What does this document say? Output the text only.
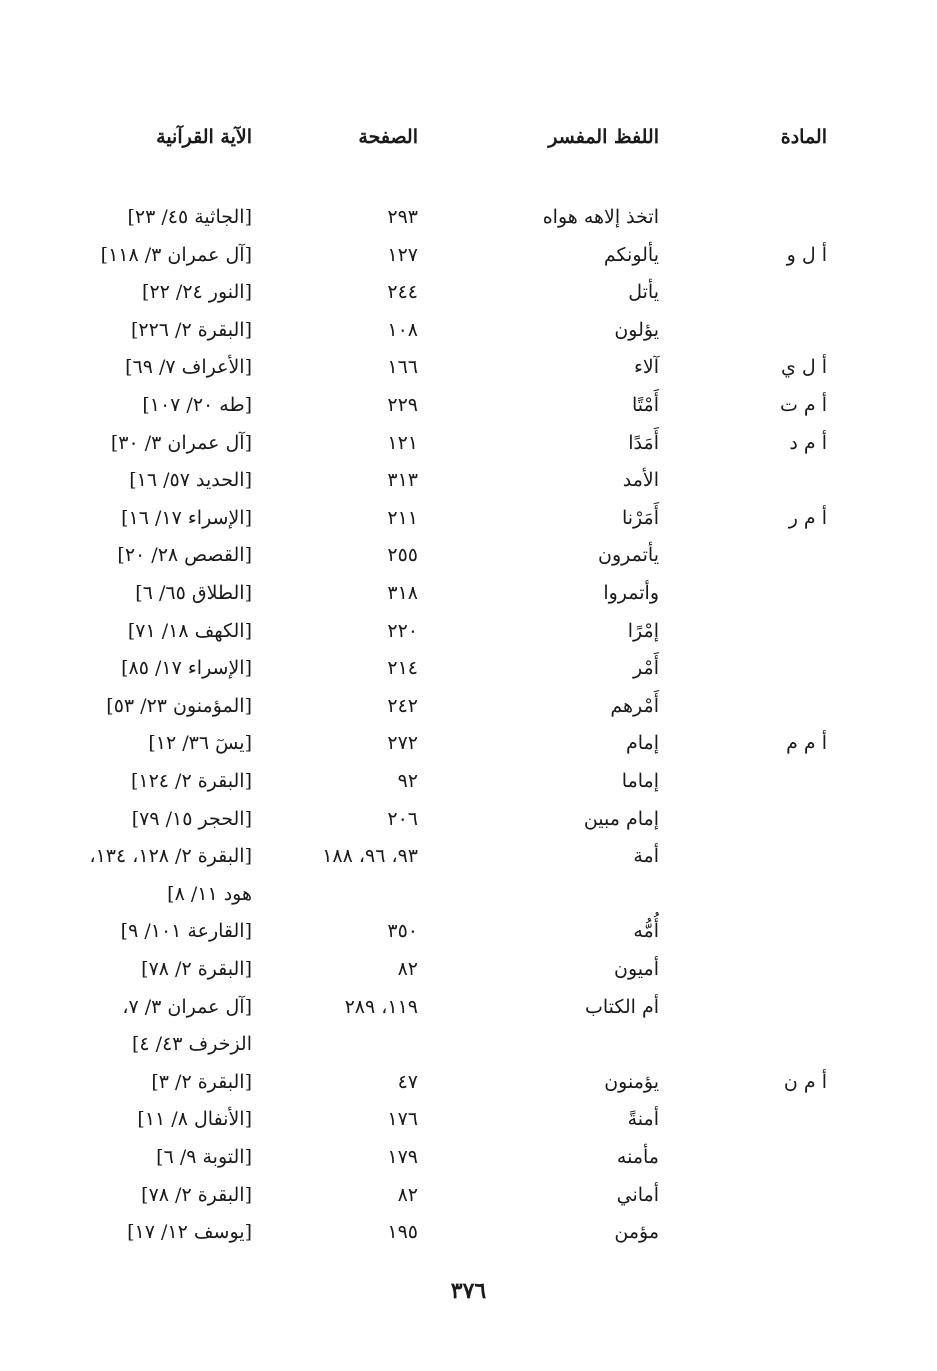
المادة
اللفظ المفسر
الصفحة
الآية القرآنية
اتخذ إلاهه هواه
٢٩٣
[الجاثية ٤٥/ ٢٣]
أ ل و
يألونكم
١٢٧
[آل عمران ٣/ ١١٨]
يأتل
٢٤٤
[النور ٢٤/ ٢٢]
يؤلون
١٠٨
[البقرة ٢/ ٢٢٦]
أ ل ي
آلاء
١٦٦
[الأعراف ٧/ ٦٩]
أ م ت
أَمْتًا
٢٢٩
[طه ٢٠/ ١٠٧]
أ م د
أَمَدًا
١٢١
[آل عمران ٣/ ٣٠]
الأمد
٣١٣
[الحديد ٥٧/ ١٦]
أ م ر
أَمَرْنا
٢١١
[الإسراء ١٧/ ١٦]
يأتمرون
٢٥٥
[القصص ٢٨/ ٢٠]
وأتمروا
٣١٨
[الطلاق ٦٥/ ٦]
إمْرًا
٢٢٠
[الكهف ١٨/ ٧١]
أَمْر
٢١٤
[الإسراء ١٧/ ٨٥]
أَمْرهم
٢٤٢
[المؤمنون ٢٣/ ٥٣]
أ م م
إمام
٢٧٢
[يسٓ ٣٦/ ١٢]
إماما
٩٢
[البقرة ٢/ ١٢٤]
إمام مبين
٢٠٦
[الحجر ١٥/ ٧٩]
أمة
٩٣، ٩٦، ١٨٨
[البقرة ٢/ ١٢٨، ١٣٤،
هود ١١/ ٨]
أُمُّه
٣٥٠
[القارعة ١٠١/ ٩]
أميون
٨٢
[البقرة ٢/ ٧٨]
أم الكتاب
١١٩، ٢٨٩
[آل عمران ٣/ ٧،
الزخرف ٤٣/ ٤]
أ م ن
يؤمنون
٤٧
[البقرة ٢/ ٣]
أمنةً
١٧٦
[الأنفال ٨/ ١١]
مأمنه
١٧٩
[التوبة ٩/ ٦]
أماني
٨٢
[البقرة ٢/ ٧٨]
مؤمن
١٩٥
[يوسف ١٢/ ١٧]
٣٧٦
